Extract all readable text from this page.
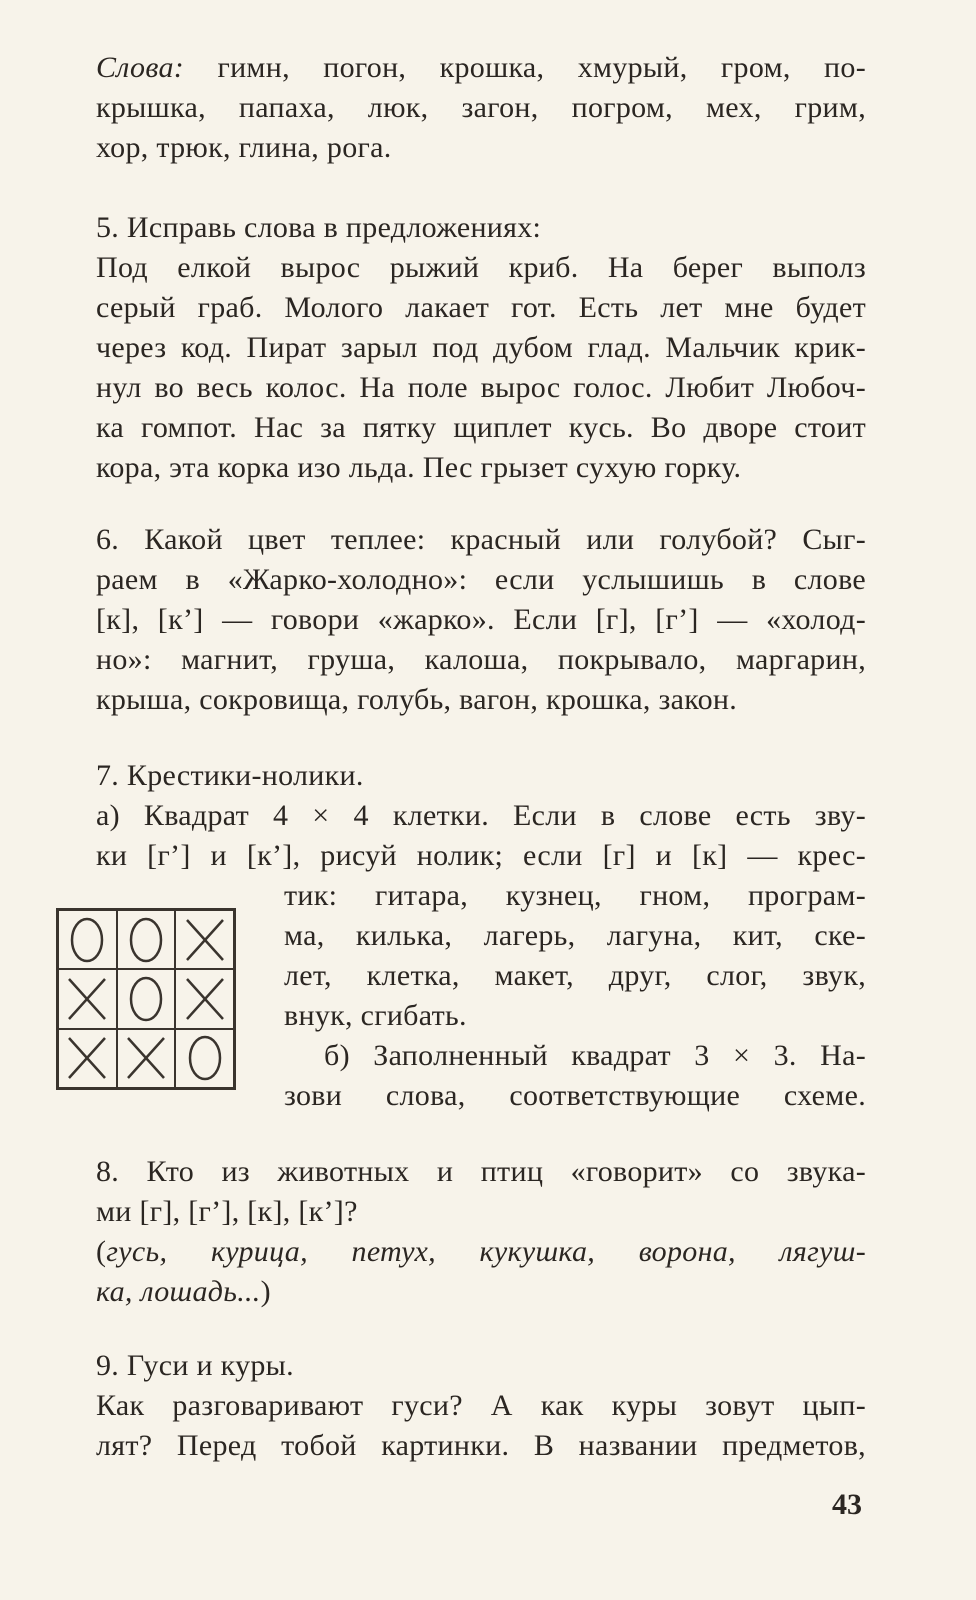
Слова: гимн, погон, крошка, хмурый, гром, по-
крышка, папаха, люк, загон, погром, мех, грим,
хор, трюк, глина, рога.
5. Исправь слова в предложениях:
Под елкой вырос рыжий криб. На берег выполз
серый граб. Молого лакает гот. Есть лет мне будет
через код. Пират зарыл под дубом глад. Мальчик крик-
нул во весь колос. На поле вырос голос. Любит Любоч-
ка гомпот. Нас за пятку щиплет кусь. Во дворе стоит
кора, эта корка изо льда. Пес грызет сухую горку.
6. Какой цвет теплее: красный или голубой? Сыг-
раем в «Жарко-холодно»: если услышишь в слове
[к], [к’] — говори «жарко». Если [г], [г’] — «холод-
но»: магнит, груша, калоша, покрывало, маргарин,
крыша, сокровища, голубь, вагон, крошка, закон.
7. Крестики-нолики.
а) Квадрат 4 × 4 клетки. Если в слове есть зву-
ки [г’] и [к’], рисуй нолик; если [г] и [к] — крес-
тик: гитара, кузнец, гном, програм-
ма, килька, лагерь, лагуна, кит, ске-
лет, клетка, макет, друг, слог, звук,
внук, сгибать.
б) Заполненный квадрат 3 × 3. На-
зови слова, соответствующие схеме.
8. Кто из животных и птиц «говорит» со звука-
ми [г], [г’], [к], [к’]?
(гусь, курица, петух, кукушка, ворона, лягуш-
ка, лошадь...)
9. Гуси и куры.
Как разговаривают гуси? А как куры зовут цып-
лят? Перед тобой картинки. В названии предметов,
43
